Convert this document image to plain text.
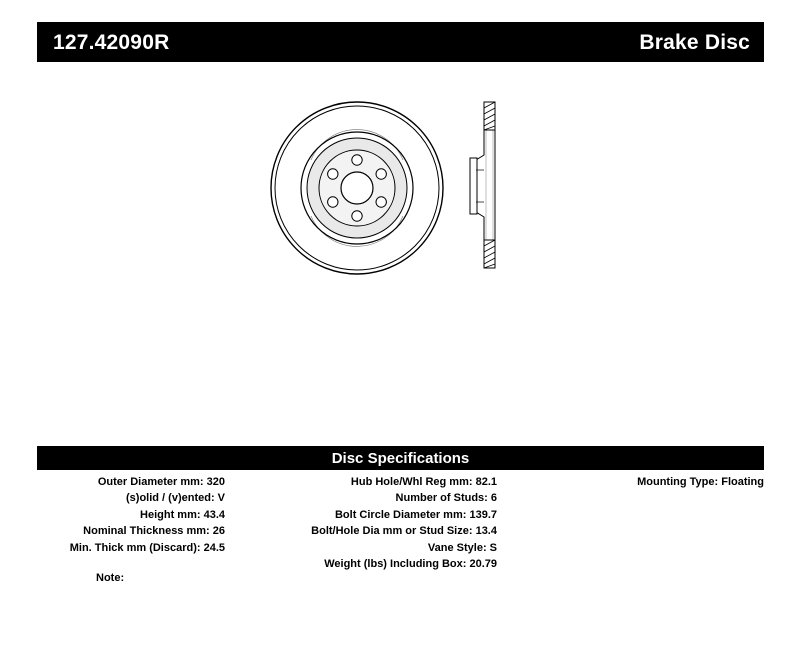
127.42090R	Brake Disc
Disc Specifications
Outer Diameter mm: 320
(s)olid / (v)ented: V
Height mm: 43.4
Nominal Thickness mm: 26
Min. Thick mm (Discard): 24.5
Hub Hole/Whl Reg mm: 82.1
Number of Studs: 6
Bolt Circle Diameter mm: 139.7
Bolt/Hole Dia mm or Stud Size: 13.4
Vane Style: S
Weight (lbs) Including Box: 20.79
Mounting Type: Floating
Note:
